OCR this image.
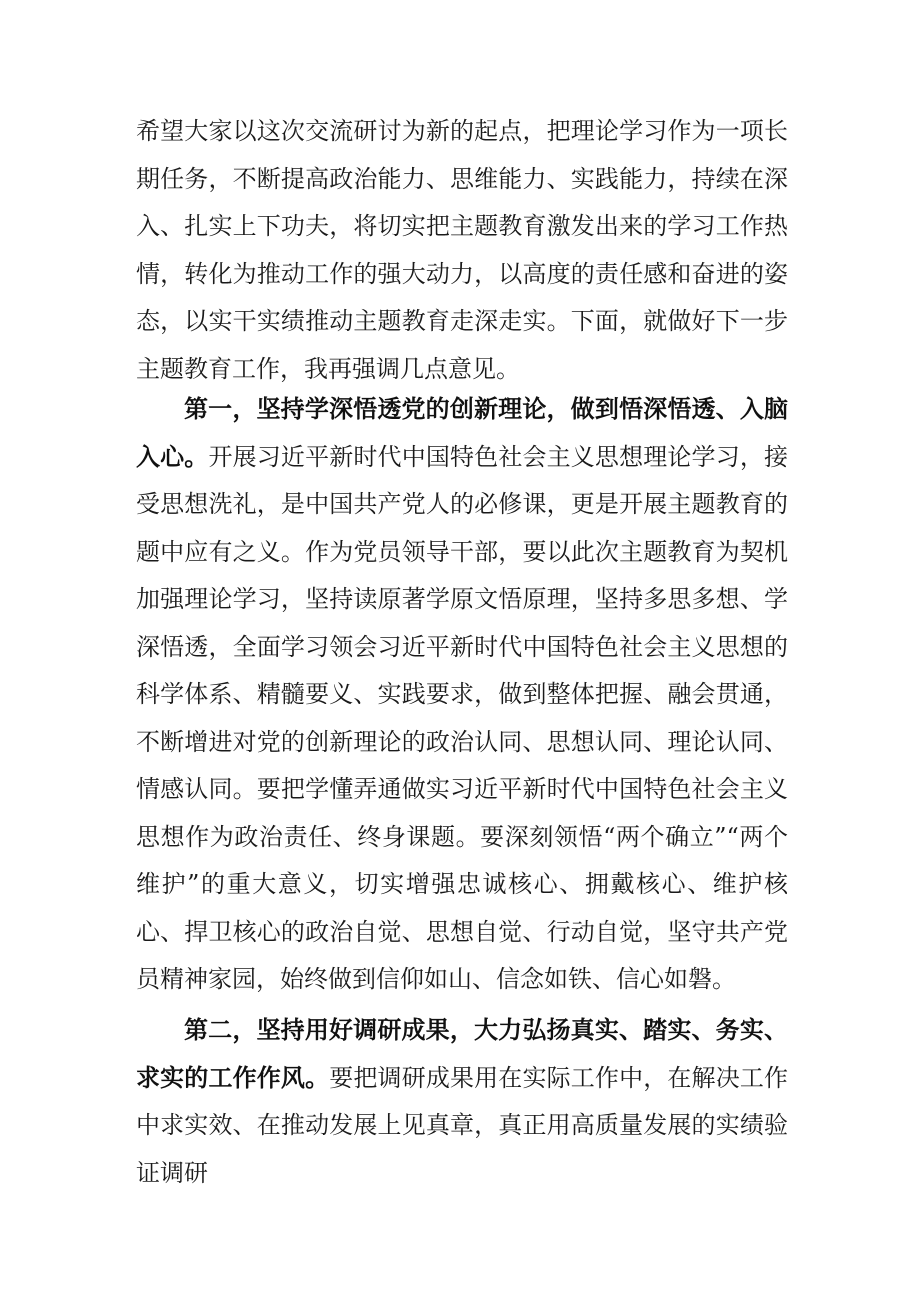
希望大家以这次交流研讨为新的起点，把理论学习作为一项长期任务，不断提高政治能力、思维能力、实践能力，持续在深入、扎实上下功夫，将切实把主题教育激发出来的学习工作热情，转化为推动工作的强大动力，以高度的责任感和奋进的姿态，以实干实绩推动主题教育走深走实。下面，就做好下一步主题教育工作，我再强调几点意见。
第一，坚持学深悟透党的创新理论，做到悟深悟透、入脑入心。开展习近平新时代中国特色社会主义思想理论学习，接受思想洗礼，是中国共产党人的必修课，更是开展主题教育的题中应有之义。作为党员领导干部，要以此次主题教育为契机加强理论学习，坚持读原著学原文悟原理，坚持多思多想、学深悟透，全面学习领会习近平新时代中国特色社会主义思想的科学体系、精髓要义、实践要求，做到整体把握、融会贯通，不断增进对党的创新理论的政治认同、思想认同、理论认同、情感认同。要把学懂弄通做实习近平新时代中国特色社会主义思想作为政治责任、终身课题。要深刻领悟“两个确立”“两个维护”的重大意义，切实增强忠诚核心、拥戴核心、维护核心、捍卫核心的政治自觉、思想自觉、行动自觉，坚守共产党员精神家园，始终做到信仰如山、信念如铁、信心如磐。
第二，坚持用好调研成果，大力弘扬真实、踏实、务实、求实的工作作风。要把调研成果用在实际工作中，在解决工作中求实效、在推动发展上见真章，真正用高质量发展的实绩验证调研
